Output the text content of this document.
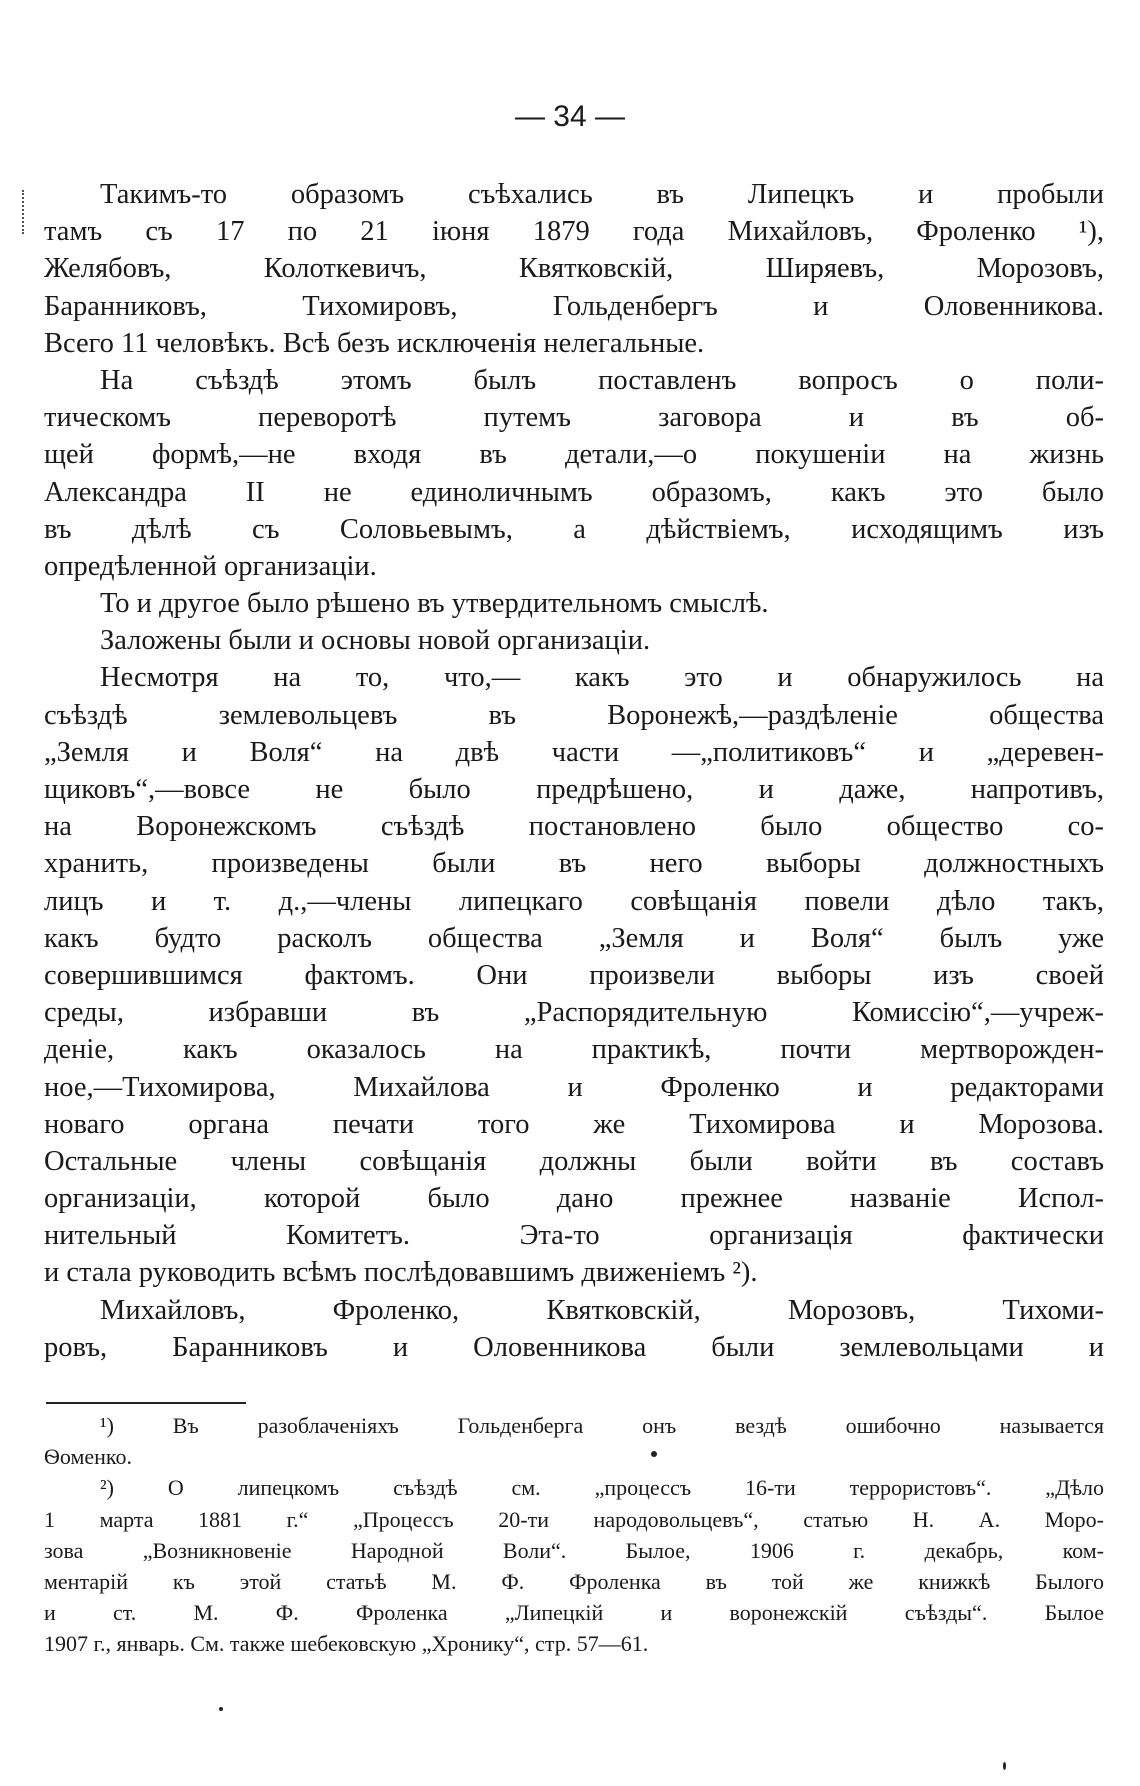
— 34 —
Такимъ-то образомъ съѣхались въ Липецкъ и пробыли
тамъ съ 17 по 21 іюня 1879 года Михайловъ, Фроленко ¹),
Желябовъ, Колоткевичъ, Квятковскій, Ширяевъ, Морозовъ,
Баранниковъ, Тихомировъ, Гольденбергъ и Оловенникова.
Всего 11 человѣкъ. Всѣ безъ исключенія нелегальные.
На съѣздѣ этомъ былъ поставленъ вопросъ о поли-
тическомъ переворотѣ путемъ заговора и въ об-
щей формѣ,—не входя въ детали,—о покушеніи на жизнь
Александра II не единоличнымъ образомъ, какъ это было
въ дѣлѣ съ Соловьевымъ, а дѣйствіемъ, исходящимъ изъ
опредѣленной организаціи.
То и другое было рѣшено въ утвердительномъ смыслѣ.
Заложены были и основы новой организаціи.
Несмотря на то, что,— какъ это и обнаружилось на
съѣздѣ землевольцевъ въ Воронежѣ,—раздѣленіе общества
„Земля и Воля“ на двѣ части —„политиковъ“ и „деревен-
щиковъ“,—вовсе не было предрѣшено, и даже, напротивъ,
на Воронежскомъ съѣздѣ постановлено было общество со-
хранить, произведены были въ него выборы должностныхъ
лицъ и т. д.,—члены липецкаго совѣщанія повели дѣло такъ,
какъ будто расколъ общества „Земля и Воля“ былъ уже
совершившимся фактомъ. Они произвели выборы изъ своей
среды, избравши въ „Распорядительную Комиссію“,—учреж-
деніе, какъ оказалось на практикѣ, почти мертворожден-
ное,—Тихомирова, Михайлова и Фроленко и редакторами
новаго органа печати того же Тихомирова и Морозова.
Остальные члены совѣщанія должны были войти въ составъ
организаціи, которой было дано прежнее названіе Испол-
нительный Комитетъ. Эта-то организація фактически
и стала руководить всѣмъ послѣдовавшимъ движеніемъ ²).
Михайловъ, Фроленко, Квятковскій, Морозовъ, Тихоми-
ровъ, Баранниковъ и Оловенникова были землевольцами и
¹) Въ разоблаченіяхъ Гольденберга онъ вездѣ ошибочно называется
Ѳоменко.
²) О липецкомъ съѣздѣ см. „процессъ 16-ти террористовъ“. „Дѣло
1 марта 1881 г.“ „Процессъ 20-ти народовольцевъ“, статью Н. А. Моро-
зова „Возникновеніе Народной Воли“. Былое, 1906 г. декабрь, ком-
ментарій къ этой статьѣ М. Ф. Фроленка въ той же книжкѣ Былого
и ст. М. Ф. Фроленка „Липецкій и воронежскій съѣзды“. Былое
1907 г., январь. См. также шебековскую „Хронику“, стр. 57—61.
